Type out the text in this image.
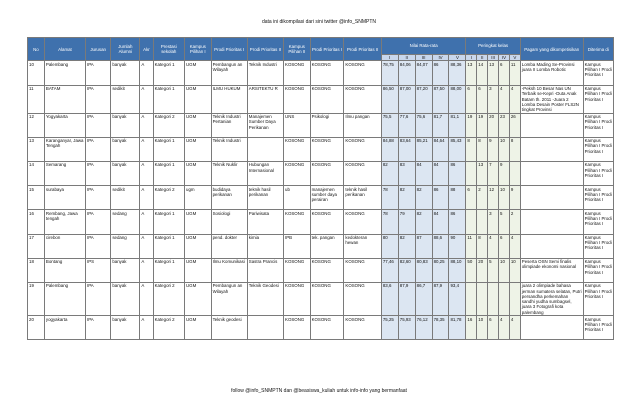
data ini dikompilasi dari sini twitter @info_SNMPTN
No	Alamat	Jurusan	Jumlah Alumni	Akr	Prestasi sekolah	Kampus Pilihan I	Prodi Prioritas I	Prodi Prioritas II	Kampus Pilihan II	Prodi Prioritas I	Prodi Prioritas II	Nilai Rata-rata					Peringkat kelas					Pagam yang dikompetisikan	Diterima di
												I	II	III	IV	V	I	II	III	IV	V		
10	Palembang	IPA	banyak	A	Kategori 1	UGM	Pembangun an Wilayah	Teknik Industri	KOSONG	KOSONG	KOSONG	78,75	84,06	84,07	86	88,36	13	14	13	6	11	Lomba Mading Se-Provinsi juara II Lomba Robotic	Kampus Pilihan I Prodi Prioritas I
11	BATAM	IPA	sedikit	A	Kategori 1	UGM	ILMU HUKUM	ARSITEKTU R	KOSONG	KOSONG	KOSONG	86,50	87,00	87,20	87,50	88,00	6	6	3	4	4	-Peksh 10 Besar Nas UN Terbaik se-Kepri -Duta Anak Batam th. 2011 -Juara 2 Lomba Desain Poster FLS2N tingkat Provinsi	Kampus Pilihan I Prodi Prioritas I
12	Yogyakarta	IPA	banyak	A	Kategori 2	UGM	Teknik Industri Pertanian	Manajemen Sumber Daya Perikanan	UNS	Psikologi	Ilmu pangan	75,5	77,6	75,6	81,7	81,1	19	19	20	23	26		Kampus Pilihan I Prodi Prioritas I
13	Karanganyar, Jawa Tengah	IPA	banyak	A	Kategori 1	UGM	Teknik Industri		KOSONG	KOSONG	KOSONG	84,88	83,64	85,21	84,64	85,43	8	8	9	10	8		Kampus Pilihan I Prodi Prioritas I
14	Semarang	IPA	banyak	A	Kategori 1	UGM	Teknik Nuklir	Hubungan Internasional	KOSONG	KOSONG	KOSONG	82	83	84	84	86		13	7	9			Kampus Pilihan I Prodi Prioritas I
15	surabaya	IPA	sedikit	A	Kategori 2	ugm	budidaya perikanan	teknik hasil perikanan	ub	manajemen sumber daya perairan	teknik hasil perikanan	78	82	82	86	88	6	2	12	10	9		Kampus Pilihan I Prodi Prioritas I
16	Rembang, Jawa tengah	IPA	sedang	A	Kategori 1	UGM	Sosiologi	Pariwisata	KOSONG	KOSONG	KOSONG	78	79	82	84	86			3	5	2		Kampus Pilihan I Prodi Prioritas I
17	cirebon	IPA	sedang	A	Kategori 1	UGM	pend. dokter	kimia	IPB	tek. pangan	kedokteran hewan	80	82	87	88,6	90	11	8	4	6	4		Kampus Pilihan I Prodi Prioritas I
18	Bontang	IPS	banyak	A	Kategori 1	UGM	Ilmu Komunikasi	Sastra Prancis	KOSONG	KOSONG	KOSONG	77,46	82,60	80,83	80,25	88,10	50	20	5	10	10	Peserta OSN Semi finalis olimpiade ekonomi nasional	Kampus Pilihan I Prodi Prioritas I
19	Palembang	IPA	banyak	A	Kategori 2	UGM	Pembangun an Wilayah	Teknik Geodesi	KOSONG	KOSONG	KOSONG	83,6	87,9	86,7	87,9	93,4						juara 2 olimpiade bahasa jerman sumatera selatan, Putri persandha perkemahan sandhi yudha sumbagsel, juara 3 Fotografi kota palembang	Kampus Pilihan I Prodi Prioritas I
20	yogyakarta	IPA	banyak	A	Kategori 2	UGM	Teknik geodesi		KOSONG	KOSONG	KOSONG	75,25	75,93	76,12	78,35	81,78	16	10	6	4	4		Kampus Pilihan I Prodi Prioritas I
follow @info_SNMPTN dan @beasiswa_kuliah untuk info-info yang bermanfaat
